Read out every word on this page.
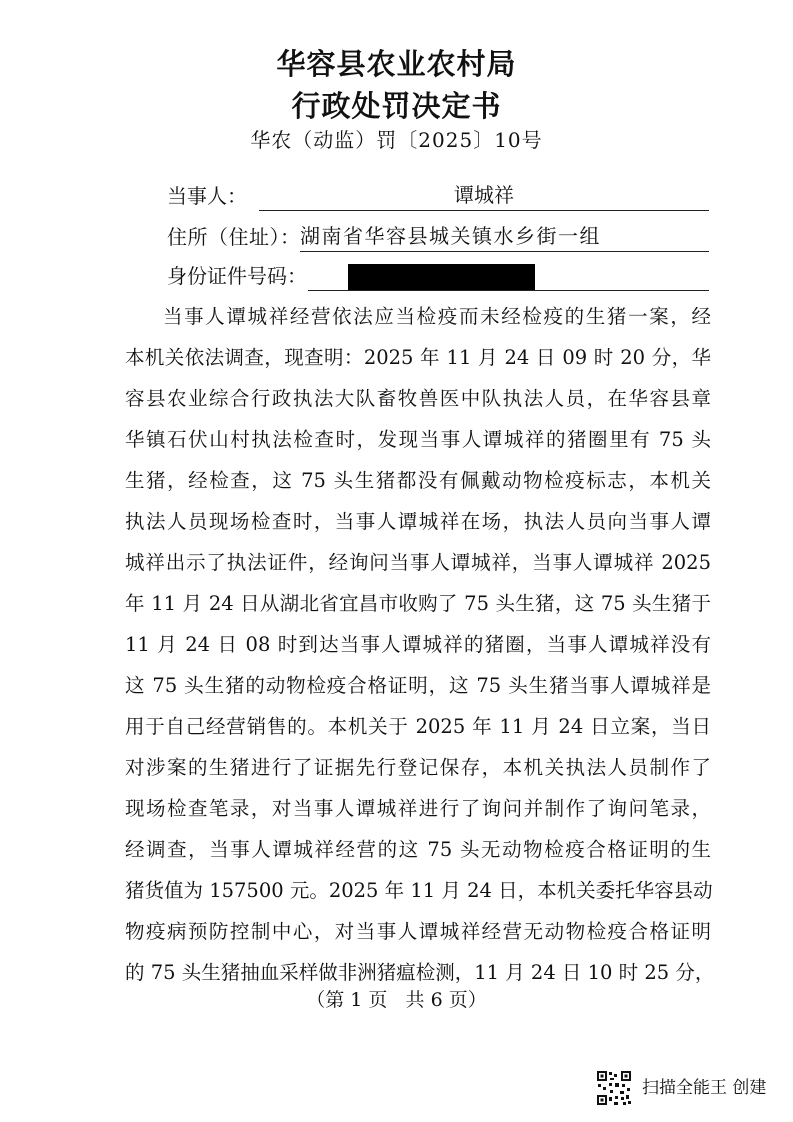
华容县农业农村局
行政处罚决定书
华农（动监）罚〔2025〕10号
当事人：	谭城祥
住所（住址）： 湖南省华容县城关镇水乡街一组
身份证件号码：
当事人谭城祥经营依法应当检疫而未经检疫的生猪一案，经
本机关依法调查，现查明：2025 年 11 月 24 日 09 时 20 分，华
容县农业综合行政执法大队畜牧兽医中队执法人员，在华容县章
华镇石伏山村执法检查时，发现当事人谭城祥的猪圈里有 75 头
生猪，经检查，这 75 头生猪都没有佩戴动物检疫标志，本机关
执法人员现场检查时，当事人谭城祥在场，执法人员向当事人谭
城祥出示了执法证件，经询问当事人谭城祥，当事人谭城祥 2025
年 11 月 24 日从湖北省宜昌市收购了 75 头生猪，这 75 头生猪于
11 月 24 日 08 时到达当事人谭城祥的猪圈，当事人谭城祥没有
这 75 头生猪的动物检疫合格证明，这 75 头生猪当事人谭城祥是
用于自己经营销售的。本机关于 2025 年 11 月 24 日立案，当日
对涉案的生猪进行了证据先行登记保存，本机关执法人员制作了
现场检查笔录，对当事人谭城祥进行了询问并制作了询问笔录，
经调查，当事人谭城祥经营的这 75 头无动物检疫合格证明的生
猪货值为 157500 元。2025 年 11 月 24 日，本机关委托华容县动
物疫病预防控制中心，对当事人谭城祥经营无动物检疫合格证明
的 75 头生猪抽血采样做非洲猪瘟检测，11 月 24 日 10 时 25 分，
（第 1 页   共 6 页）
扫描全能王 创建
